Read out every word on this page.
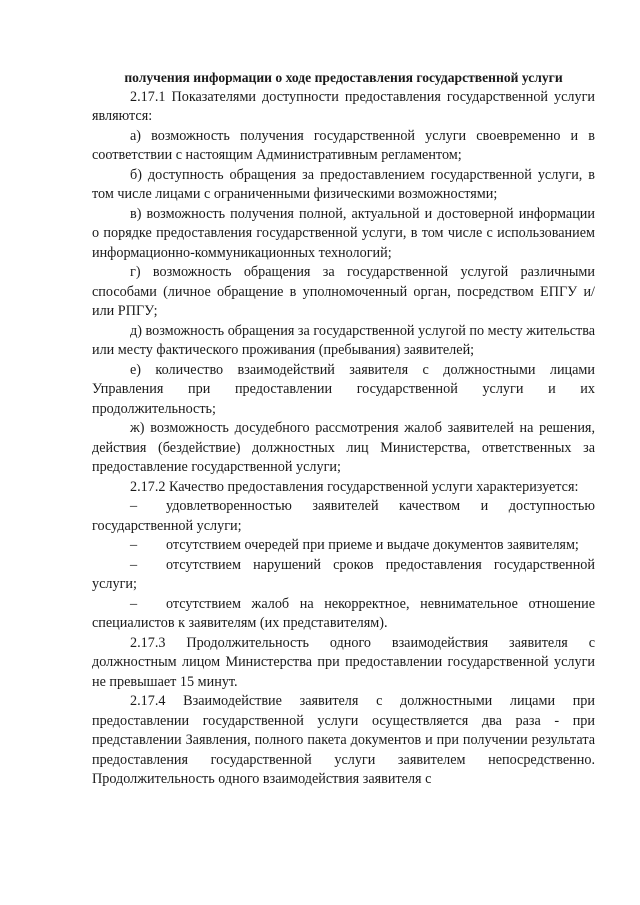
получения информации о ходе предоставления государственной услуги

2.17.1 Показателями доступности предоставления государственной услуги являются:

а) возможность получения государственной услуги своевременно и в соответствии с настоящим Административным регламентом;

б) доступность обращения за предоставлением государственной услуги, в том числе лицами с ограниченными физическими возможностями;

в) возможность получения полной, актуальной и достоверной информации о порядке предоставления государственной услуги, в том числе с использованием информационно-коммуникационных технологий;

г) возможность обращения за государственной услугой различными способами (личное обращение в уполномоченный орган, посредством ЕПГУ и/или РПГУ;

д) возможность обращения за государственной услугой по месту жительства или месту фактического проживания (пребывания) заявителей;

е) количество взаимодействий заявителя с должностными лицами Управления при предоставлении государственной услуги и их продолжительность;

ж) возможность досудебного рассмотрения жалоб заявителей на решения, действия (бездействие) должностных лиц Министерства, ответственных за предоставление государственной услуги;

2.17.2 Качество предоставления государственной услуги характеризуется:

– удовлетворенностью заявителей качеством и доступностью государственной услуги;

– отсутствием очередей при приеме и выдаче документов заявителям;

– отсутствием нарушений сроков предоставления государственной услуги;

– отсутствием жалоб на некорректное, невнимательное отношение специалистов к заявителям (их представителям).

2.17.3 Продолжительность одного взаимодействия заявителя с должностным лицом Министерства при предоставлении государственной услуги не превышает 15 минут.

2.17.4 Взаимодействие заявителя с должностными лицами при предоставлении государственной услуги осуществляется два раза - при представлении Заявления, полного пакета документов и при получении результата предоставления государственной услуги заявителем непосредственно. Продолжительность одного взаимодействия заявителя с
